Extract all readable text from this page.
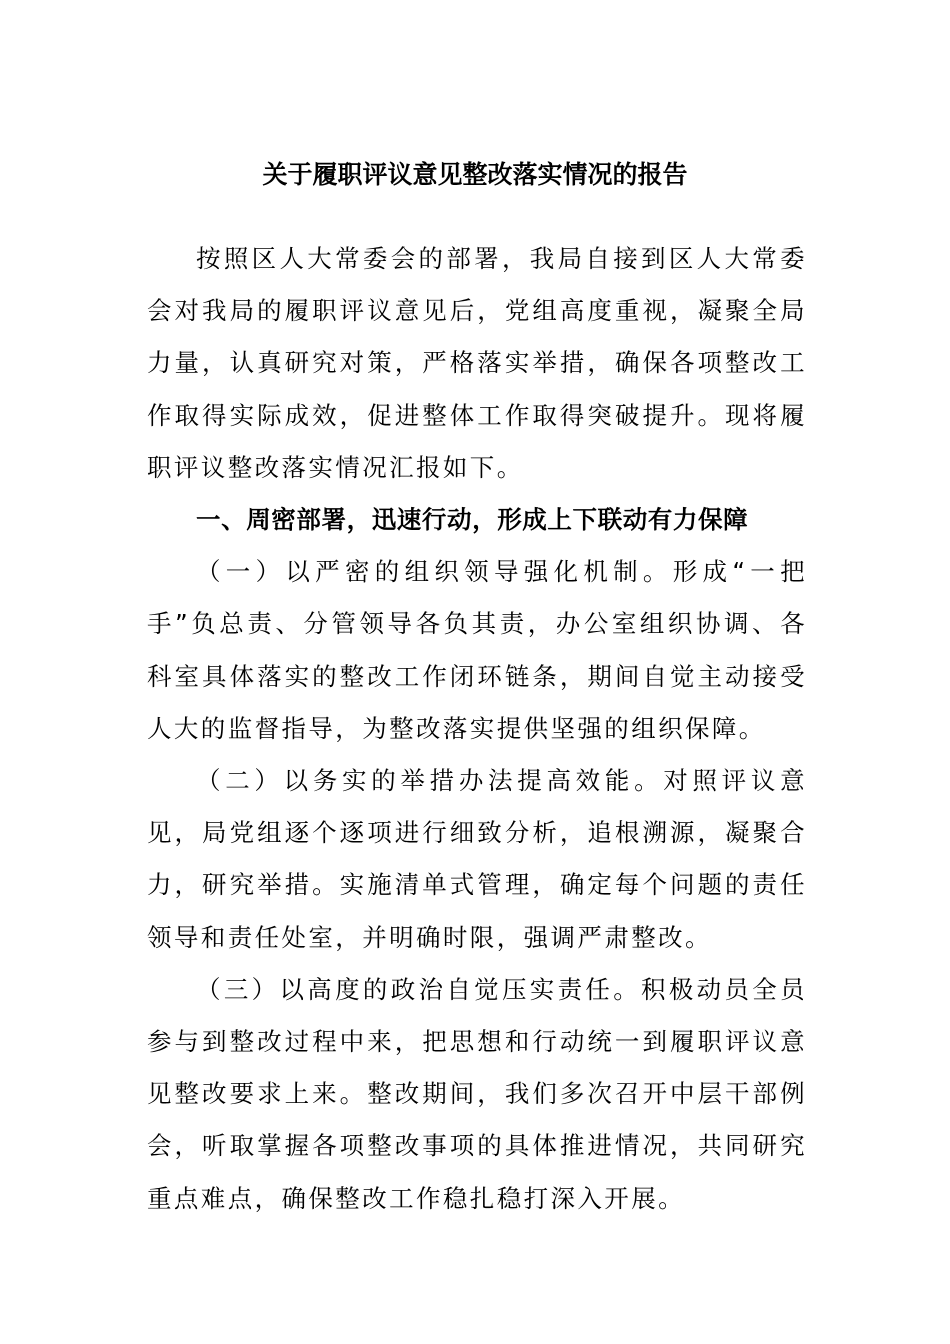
关于履职评议意见整改落实情况的报告

按照区人大常委会的部署，我局自接到区人大常委会对我局的履职评议意见后，党组高度重视，凝聚全局力量，认真研究对策，严格落实举措，确保各项整改工作取得实际成效，促进整体工作取得突破提升。现将履职评议整改落实情况汇报如下。

一、周密部署，迅速行动，形成上下联动有力保障

（一）以严密的组织领导强化机制。形成“一把手”负总责、分管领导各负其责，办公室组织协调、各科室具体落实的整改工作闭环链条，期间自觉主动接受人大的监督指导，为整改落实提供坚强的组织保障。

（二）以务实的举措办法提高效能。对照评议意见，局党组逐个逐项进行细致分析，追根溯源，凝聚合力，研究举措。实施清单式管理，确定每个问题的责任领导和责任处室，并明确时限，强调严肃整改。

（三）以高度的政治自觉压实责任。积极动员全员参与到整改过程中来，把思想和行动统一到履职评议意见整改要求上来。整改期间，我们多次召开中层干部例会，听取掌握各项整改事项的具体推进情况，共同研究重点难点，确保整改工作稳扎稳打深入开展。
